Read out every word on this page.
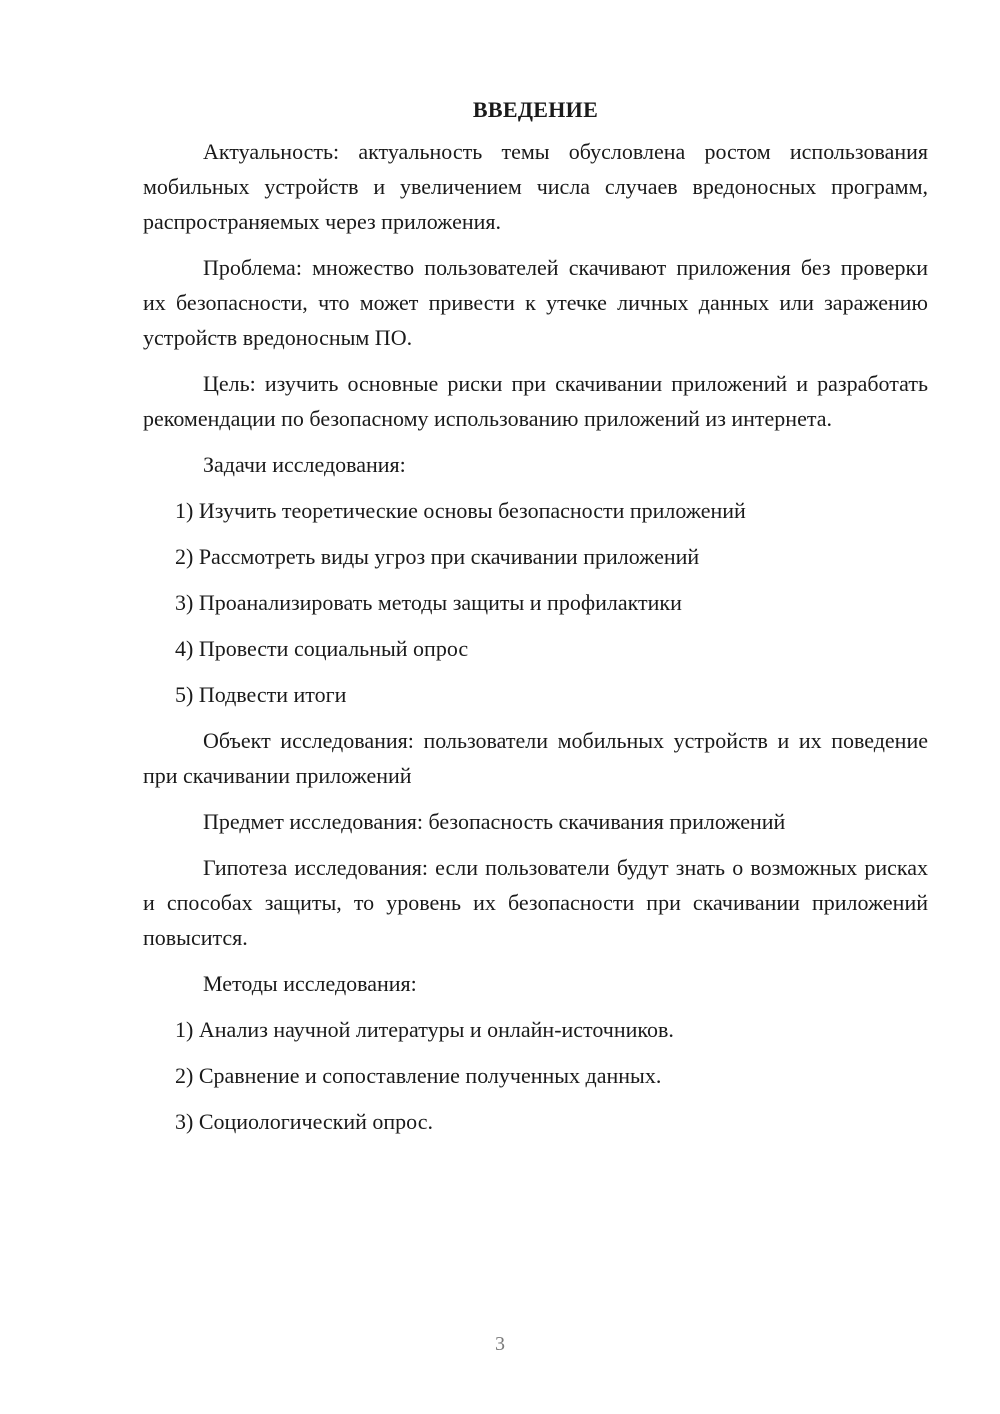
ВВЕДЕНИЕ

Актуальность: актуальность темы обусловлена ростом использования мобильных устройств и увеличением числа случаев вредоносных программ, распространяемых через приложения.

Проблема: множество пользователей скачивают приложения без проверки их безопасности, что может привести к утечке личных данных или заражению устройств вредоносным ПО.

Цель: изучить основные риски при скачивании приложений и разработать рекомендации по безопасному использованию приложений из интернета.

Задачи исследования:

1) Изучить теоретические основы безопасности приложений
2) Рассмотреть виды угроз при скачивании приложений
3) Проанализировать методы защиты и профилактики
4) Провести социальный опрос
5) Подвести итоги

Объект исследования: пользователи мобильных устройств и их поведение при скачивании приложений

Предмет исследования: безопасность скачивания приложений

Гипотеза исследования: если пользователи будут знать о возможных рисках и способах защиты, то уровень их безопасности при скачивании приложений повысится.

Методы исследования:

1) Анализ научной литературы и онлайн-источников.
2) Сравнение и сопоставление полученных данных.
3) Социологический опрос.
3
